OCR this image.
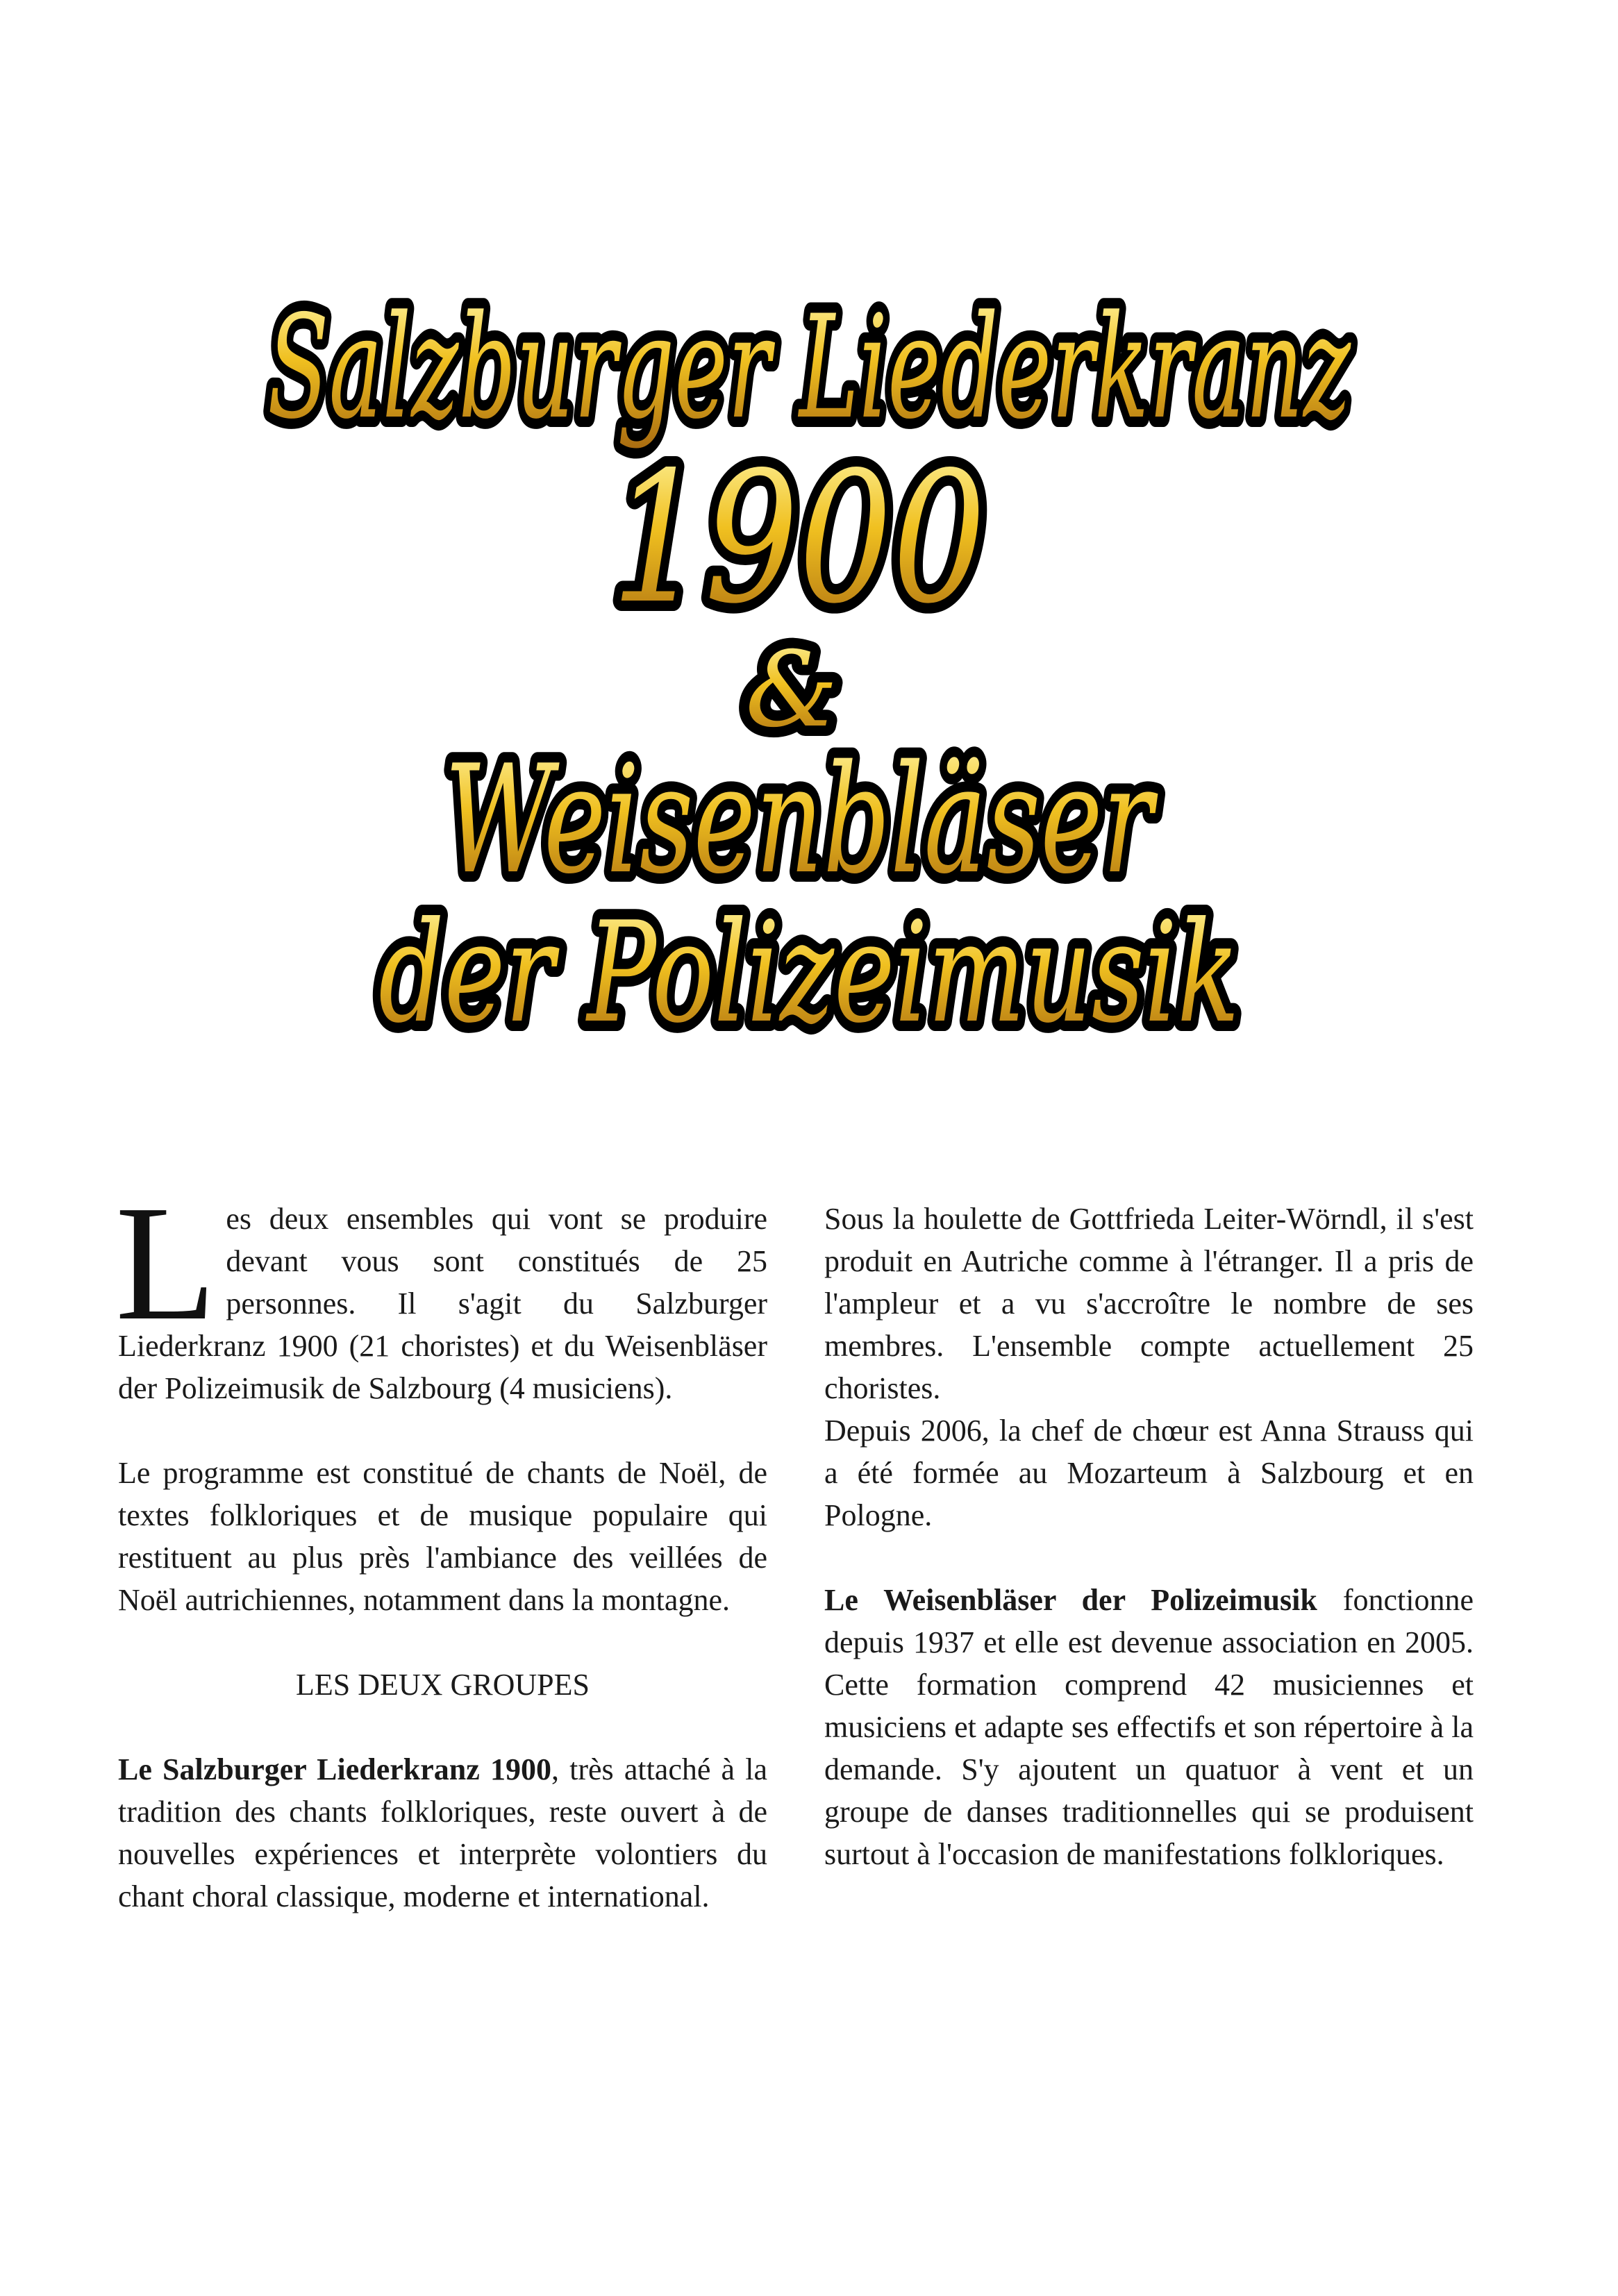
Salzburger Liederkranz
1900
&
Weisenbläser
der Polizeimusik

Les deux ensembles qui vont se produire devant vous sont constitués de 25 personnes. Il s'agit du Salzburger Liederkranz 1900 (21 choristes) et du Weisenbläser der Polizeimusik de Salzbourg (4 musiciens).

Le programme est constitué de chants de Noël, de textes folkloriques et de musique populaire qui restituent au plus près l'ambiance des veillées de Noël autrichiennes, notamment dans la montagne.

LES DEUX GROUPES

Le Salzburger Liederkranz 1900, très attaché à la tradition des chants folkloriques, reste ouvert à de nouvelles expériences et interprète volontiers du chant choral classique, moderne et international.

Sous la houlette de Gottfrieda Leiter-Wörndl, il s'est produit en Autriche comme à l'étranger. Il a pris de l'ampleur et a vu s'accroître le nombre de ses membres. L'ensemble compte actuellement 25 choristes.

Depuis 2006, la chef de chœur est Anna Strauss qui a été formée au Mozarteum à Salzbourg et en Pologne.

Le Weisenbläser der Polizeimusik fonctionne depuis 1937 et elle est devenue association en 2005. Cette formation comprend 42 musiciennes et musiciens et adapte ses effectifs et son répertoire à la demande. S'y ajoutent un quatuor à vent et un groupe de danses traditionnelles qui se produisent surtout à l'occasion de manifestations folkloriques.
